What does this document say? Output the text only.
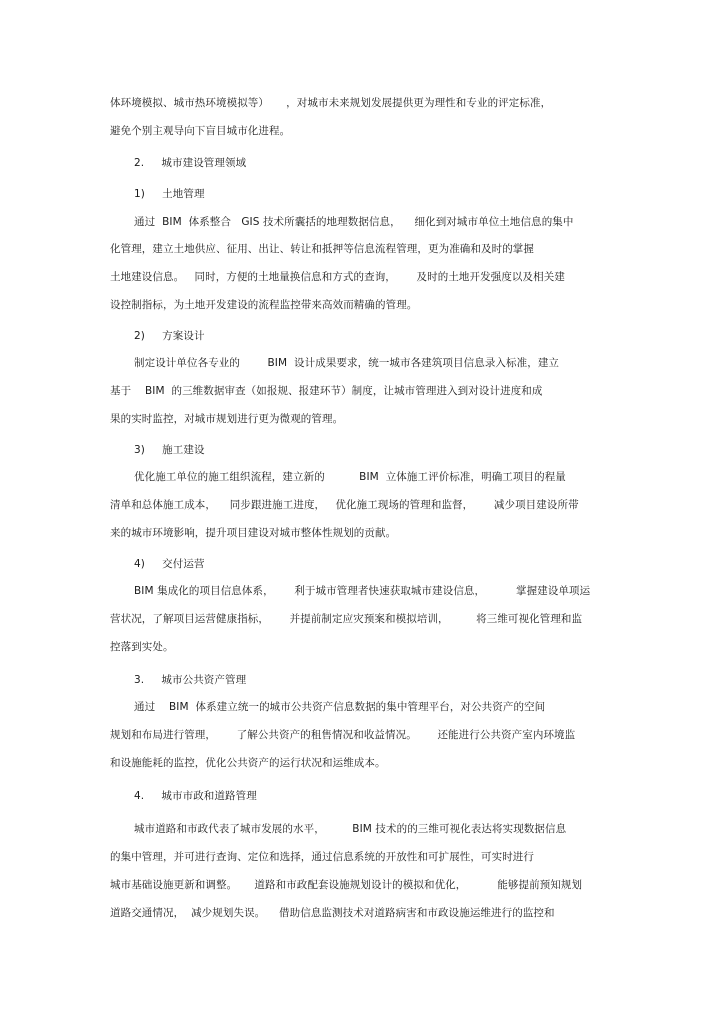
体环境模拟、城市热环境模拟等）     ，对城市未来规划发展提供更为理性和专业的评定标准，
避免个别主观导向下盲目城市化进程。
2.     城市建设管理领域
1)     土地管理
通过  BIM  体系整合   GIS 技术所囊括的地理数据信息，    细化到对城市单位土地信息的集中
化管理，建立土地供应、征用、出让、转让和抵押等信息流程管理，更为准确和及时的掌握
土地建设信息。   同时，方便的土地量换信息和方式的查询，      及时的土地开发强度以及相关建
设控制指标，为土地开发建设的流程监控带来高效而精确的管理。
2)     方案设计
制定设计单位各专业的        BIM  设计成果要求，统一城市各建筑项目信息录入标准，建立
基于    BIM  的三维数据审查（如报规、报建环节）制度，让城市管理进入到对设计进度和成
果的实时监控，对城市规划进行更为微观的管理。
3)     施工建设
优化施工单位的施工组织流程，建立新的          BIM  立体施工评价标准，明确工项目的程量
清单和总体施工成本，    同步跟进施工进度，   优化施工现场的管理和监督，      减少项目建设所带
来的城市环境影响，提升项目建设对城市整体性规划的贡献。
4)     交付运营
BIM 集成化的项目信息体系，      利于城市管理者快速获取城市建设信息，         掌握建设单项运
营状况，了解项目运营健康指标，      并提前制定应灾预案和模拟培训，        将三维可视化管理和监
控落到实处。
3.     城市公共资产管理
通过    BIM  体系建立统一的城市公共资产信息数据的集中管理平台，对公共资产的空间
规划和布局进行管理，      了解公共资产的租售情况和收益情况。      还能进行公共资产室内环境监
和设施能耗的监控，优化公共资产的运行状况和运维成本。
4.     城市市政和道路管理
城市道路和市政代表了城市发展的水平，        BIM 技术的的三维可视化表达将实现数据信息
的集中管理，并可进行查询、定位和选择，通过信息系统的开放性和可扩展性，可实时进行
城市基础设施更新和调整。     道路和市政配套设施规划设计的模拟和优化，         能够提前预知规划
道路交通情况，  减少规划失误。    借助信息监测技术对道路病害和市政设施运维进行的监控和
